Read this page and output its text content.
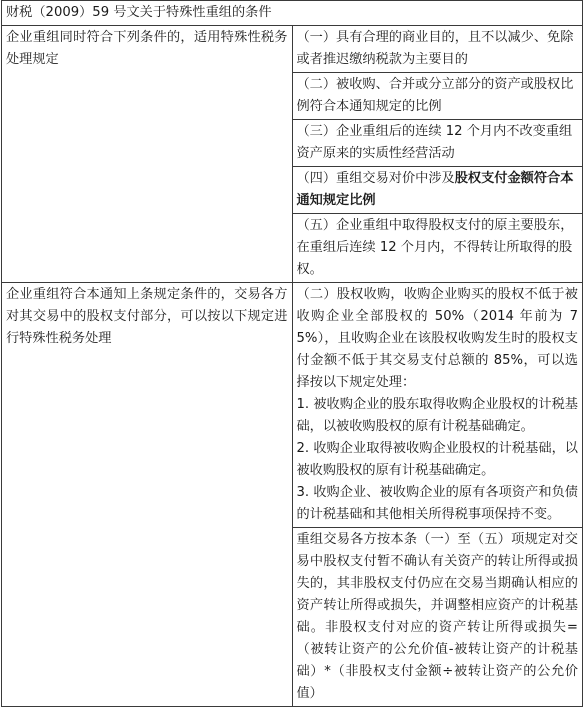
财税（2009）59 号文关于特殊性重组的条件	
企业重组同时符合下列条件的，适用特殊性税务处理规定	（一）具有合理的商业目的，且不以减少、免除或者推迟缴纳税款为主要目的
	（二）被收购、合并或分立部分的资产或股权比例符合本通知规定的比例
	（三）企业重组后的连续 12 个月内不改变重组资产原来的实质性经营活动
	（四）重组交易对价中涉及股权支付金额符合本通知规定比例
	（五）企业重组中取得股权支付的原主要股东，在重组后连续 12 个月内，不得转让所取得的股权。
企业重组符合本通知上条规定条件的，交易各方对其交易中的股权支付部分，可以按以下规定进行特殊性税务处理	（二）股权收购，收购企业购买的股权不低于被收购企业全部股权的 50%（2014 年前为 75%），且收购企业在该股权收购发生时的股权支付金额不低于其交易支付总额的 85%，可以选择按以下规定处理：

1. 被收购企业的股东取得收购企业股权的计税基础，以被收购股权的原有计税基础确定。

2. 收购企业取得被收购企业股权的计税基础，以被收购股权的原有计税基础确定。

3. 收购企业、被收购企业的原有各项资产和负债的计税基础和其他相关所得税事项保持不变。

	重组交易各方按本条（一）至（五）项规定对交易中股权支付暂不确认有关资产的转让所得或损失的，其非股权支付仍应在交易当期确认相应的资产转让所得或损失，并调整相应资产的计税基础。非股权支付对应的资产转让所得或损失=（被转让资产的公允价值-被转让资产的计税基础）*（非股权支付金额÷被转让资产的公允价值）
